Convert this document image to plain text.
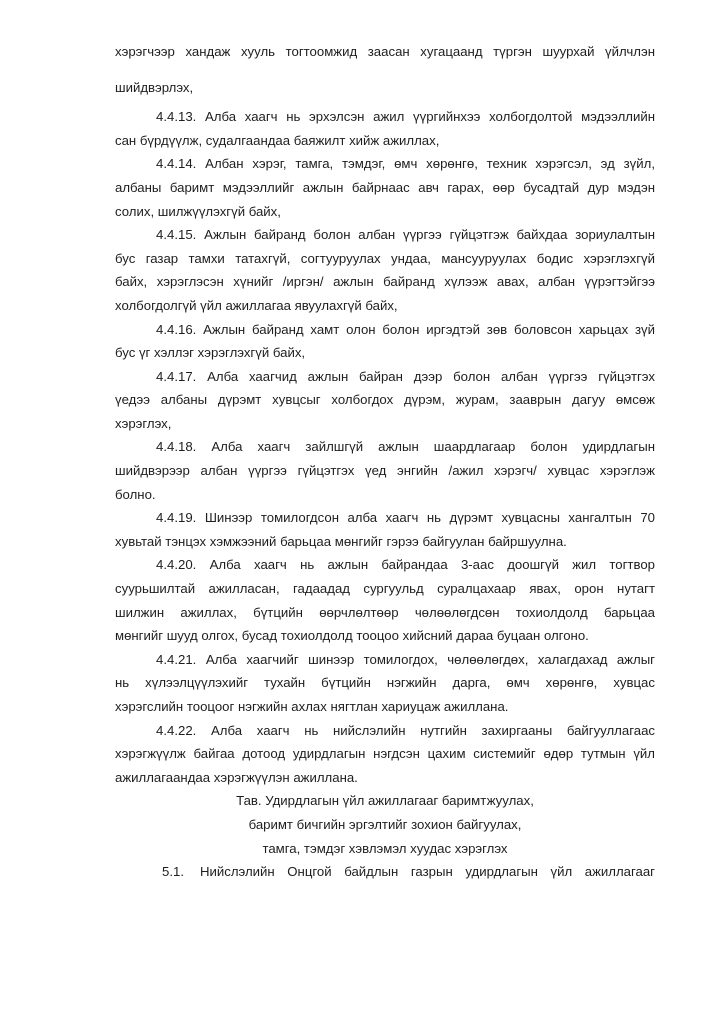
хэрэгчээр хандаж хууль тогтоомжид заасан хугацаанд түргэн шуурхай үйлчлэн
шийдвэрлэх,
4.4.13. Алба хаагч нь эрхэлсэн ажил үүргийнхээ холбогдолтой мэдээллийн
сан бүрдүүлж, судалгаандаа баяжилт хийж ажиллах,
4.4.14. Албан хэрэг, тамга, тэмдэг, өмч хөрөнгө, техник хэрэгсэл, эд зүйл,
албаны баримт мэдээллийг ажлын байрнаас авч гарах, өөр бусадтай дур мэдэн
солих, шилжүүлэхгүй байх,
4.4.15. Ажлын байранд болон албан үүргээ гүйцэтгэж байхдаа зориулалтын
бус газар тамхи татахгүй, согтууруулах ундаа, мансууруулах бодис хэрэглэхгүй
байх, хэрэглэсэн хүнийг /иргэн/ ажлын байранд хүлээж авах, албан үүрэгтэйгээ
холбогдолгүй үйл ажиллагаа явуулахгүй байх,
4.4.16. Ажлын байранд хамт олон болон иргэдтэй зөв боловсон харьцах зүй
бус үг хэллэг хэрэглэхгүй байх,
4.4.17. Алба хаагчид ажлын байран дээр болон албан үүргээ гүйцэтгэх
үедээ албаны дүрэмт хувцсыг холбогдох дүрэм, журам, зааврын дагуу өмсөж
хэрэглэх,
4.4.18. Алба хаагч зайлшгүй ажлын шаардлагаар болон удирдлагын
шийдвэрээр албан үүргээ гүйцэтгэх үед энгийн /ажил хэрэгч/ хувцас хэрэглэж
болно.
4.4.19. Шинээр томилогдсон алба хаагч нь дүрэмт хувцасны хангалтын 70
хувьтай тэнцэх хэмжээний барьцаа мөнгийг гэрээ байгуулан байршуулна.
4.4.20. Алба хаагч нь ажлын байрандаа 3-аас доошгүй жил тогтвор
суурьшилтай ажилласан, гадаадад сургуульд суралцахаар явах, орон нутагт
шилжин ажиллах, бүтцийн өөрчлөлтөөр чөлөөлөгдсөн тохиолдолд барьцаа
мөнгийг шууд олгох, бусад тохиолдолд тооцоо хийсний дараа буцаан олгоно.
4.4.21. Алба хаагчийг шинээр томилогдох, чөлөөлөгдөх, халагдахад ажлыг
нь хүлээлцүүлэхийг тухайн бүтцийн нэгжийн дарга, өмч хөрөнгө, хувцас
хэрэгслийн тооцоог нэгжийн ахлах нягтлан хариуцаж ажиллана.
4.4.22. Алба хаагч нь нийслэлийн нутгийн захиргааны байгууллагаас
хэрэгжүүлж байгаа дотоод удирдлагын нэгдсэн цахим системийг өдөр тутмын үйл
ажиллагаандаа хэрэгжүүлэн ажиллана.
Тав. Удирдлагын үйл ажиллагааг баримтжуулах,
баримт бичгийн эргэлтийг зохион байгуулах,
тамга, тэмдэг хэвлэмэл хуудас хэрэглэх
5.1.	Нийслэлийн Онцгой байдлын газрын удирдлагын үйл ажиллагааг
